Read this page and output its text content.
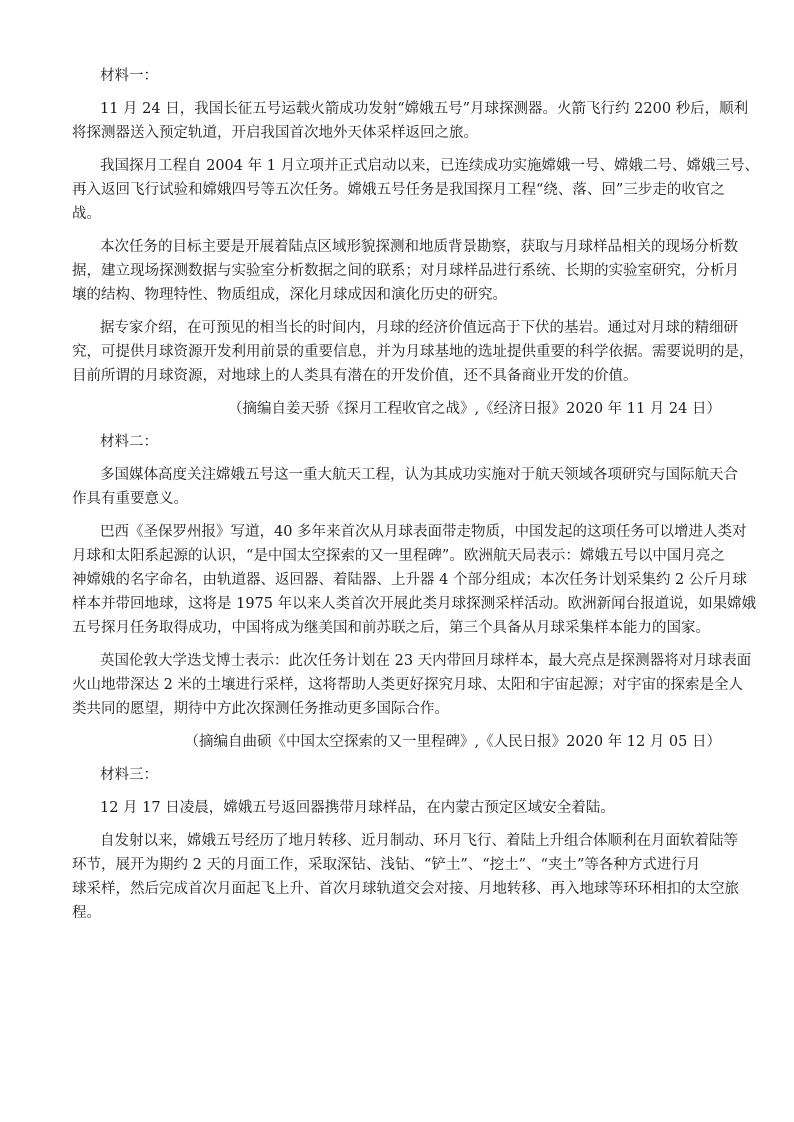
材料一：

11 月 24 日，我国长征五号运载火箭成功发射“嫦娥五号”月球探测器。火箭飞行约 2200 秒后，顺利

将探测器送入预定轨道，开启我国首次地外天体采样返回之旅。

我国探月工程自 2004 年 1 月立项并正式启动以来，已连续成功实施嫦娥一号、嫦娥二号、嫦娥三号、

再入返回飞行试验和嫦娥四号等五次任务。嫦娥五号任务是我国探月工程“绕、落、回”三步走的收官之

战。

本次任务的目标主要是开展着陆点区域形貌探测和地质背景勘察，获取与月球样品相关的现场分析数

据，建立现场探测数据与实验室分析数据之间的联系；对月球样品进行系统、长期的实验室研究，分析月

壤的结构、物理特性、物质组成，深化月球成因和演化历史的研究。

据专家介绍，在可预见的相当长的时间内，月球的经济价值远高于下伏的基岩。通过对月球的精细研

究，可提供月球资源开发利用前景的重要信息，并为月球基地的选址提供重要的科学依据。需要说明的是，

目前所谓的月球资源，对地球上的人类具有潜在的开发价值，还不具备商业开发的价值。

（摘编自姜天骄《探月工程收官之战》,《经济日报》2020 年 11 月 24 日）

材料二：

多国媒体高度关注嫦娥五号这一重大航天工程，认为其成功实施对于航天领域各项研究与国际航天合

作具有重要意义。

巴西《圣保罗州报》写道，40 多年来首次从月球表面带走物质，中国发起的这项任务可以增进人类对

月球和太阳系起源的认识，“是中国太空探索的又一里程碑”。欧洲航天局表示：嫦娥五号以中国月亮之

神嫦娥的名字命名，由轨道器、返回器、着陆器、上升器 4 个部分组成；本次任务计划采集约 2 公斤月球

样本并带回地球，这将是 1975 年以来人类首次开展此类月球探测采样活动。欧洲新闻台报道说，如果嫦娥

五号探月任务取得成功，中国将成为继美国和前苏联之后，第三个具备从月球采集样本能力的国家。

英国伦敦大学迭戈博士表示：此次任务计划在 23 天内带回月球样本，最大亮点是探测器将对月球表面

火山地带深达 2 米的土壤进行采样，这将帮助人类更好探究月球、太阳和宇宙起源；对宇宙的探索是全人

类共同的愿望，期待中方此次探测任务推动更多国际合作。

（摘编自曲硕《中国太空探索的又一里程碑》,《人民日报》2020 年 12 月 05 日）

材料三：

12 月 17 日凌晨，嫦娥五号返回器携带月球样品，在内蒙古预定区域安全着陆。

自发射以来，嫦娥五号经历了地月转移、近月制动、环月飞行、着陆上升组合体顺利在月面软着陆等

环节，展开为期约 2 天的月面工作，采取深钻、浅钻、“铲土”、“挖土”、“夹土”等各种方式进行月

球采样，然后完成首次月面起飞上升、首次月球轨道交会对接、月地转移、再入地球等环环相扣的太空旅

程。
